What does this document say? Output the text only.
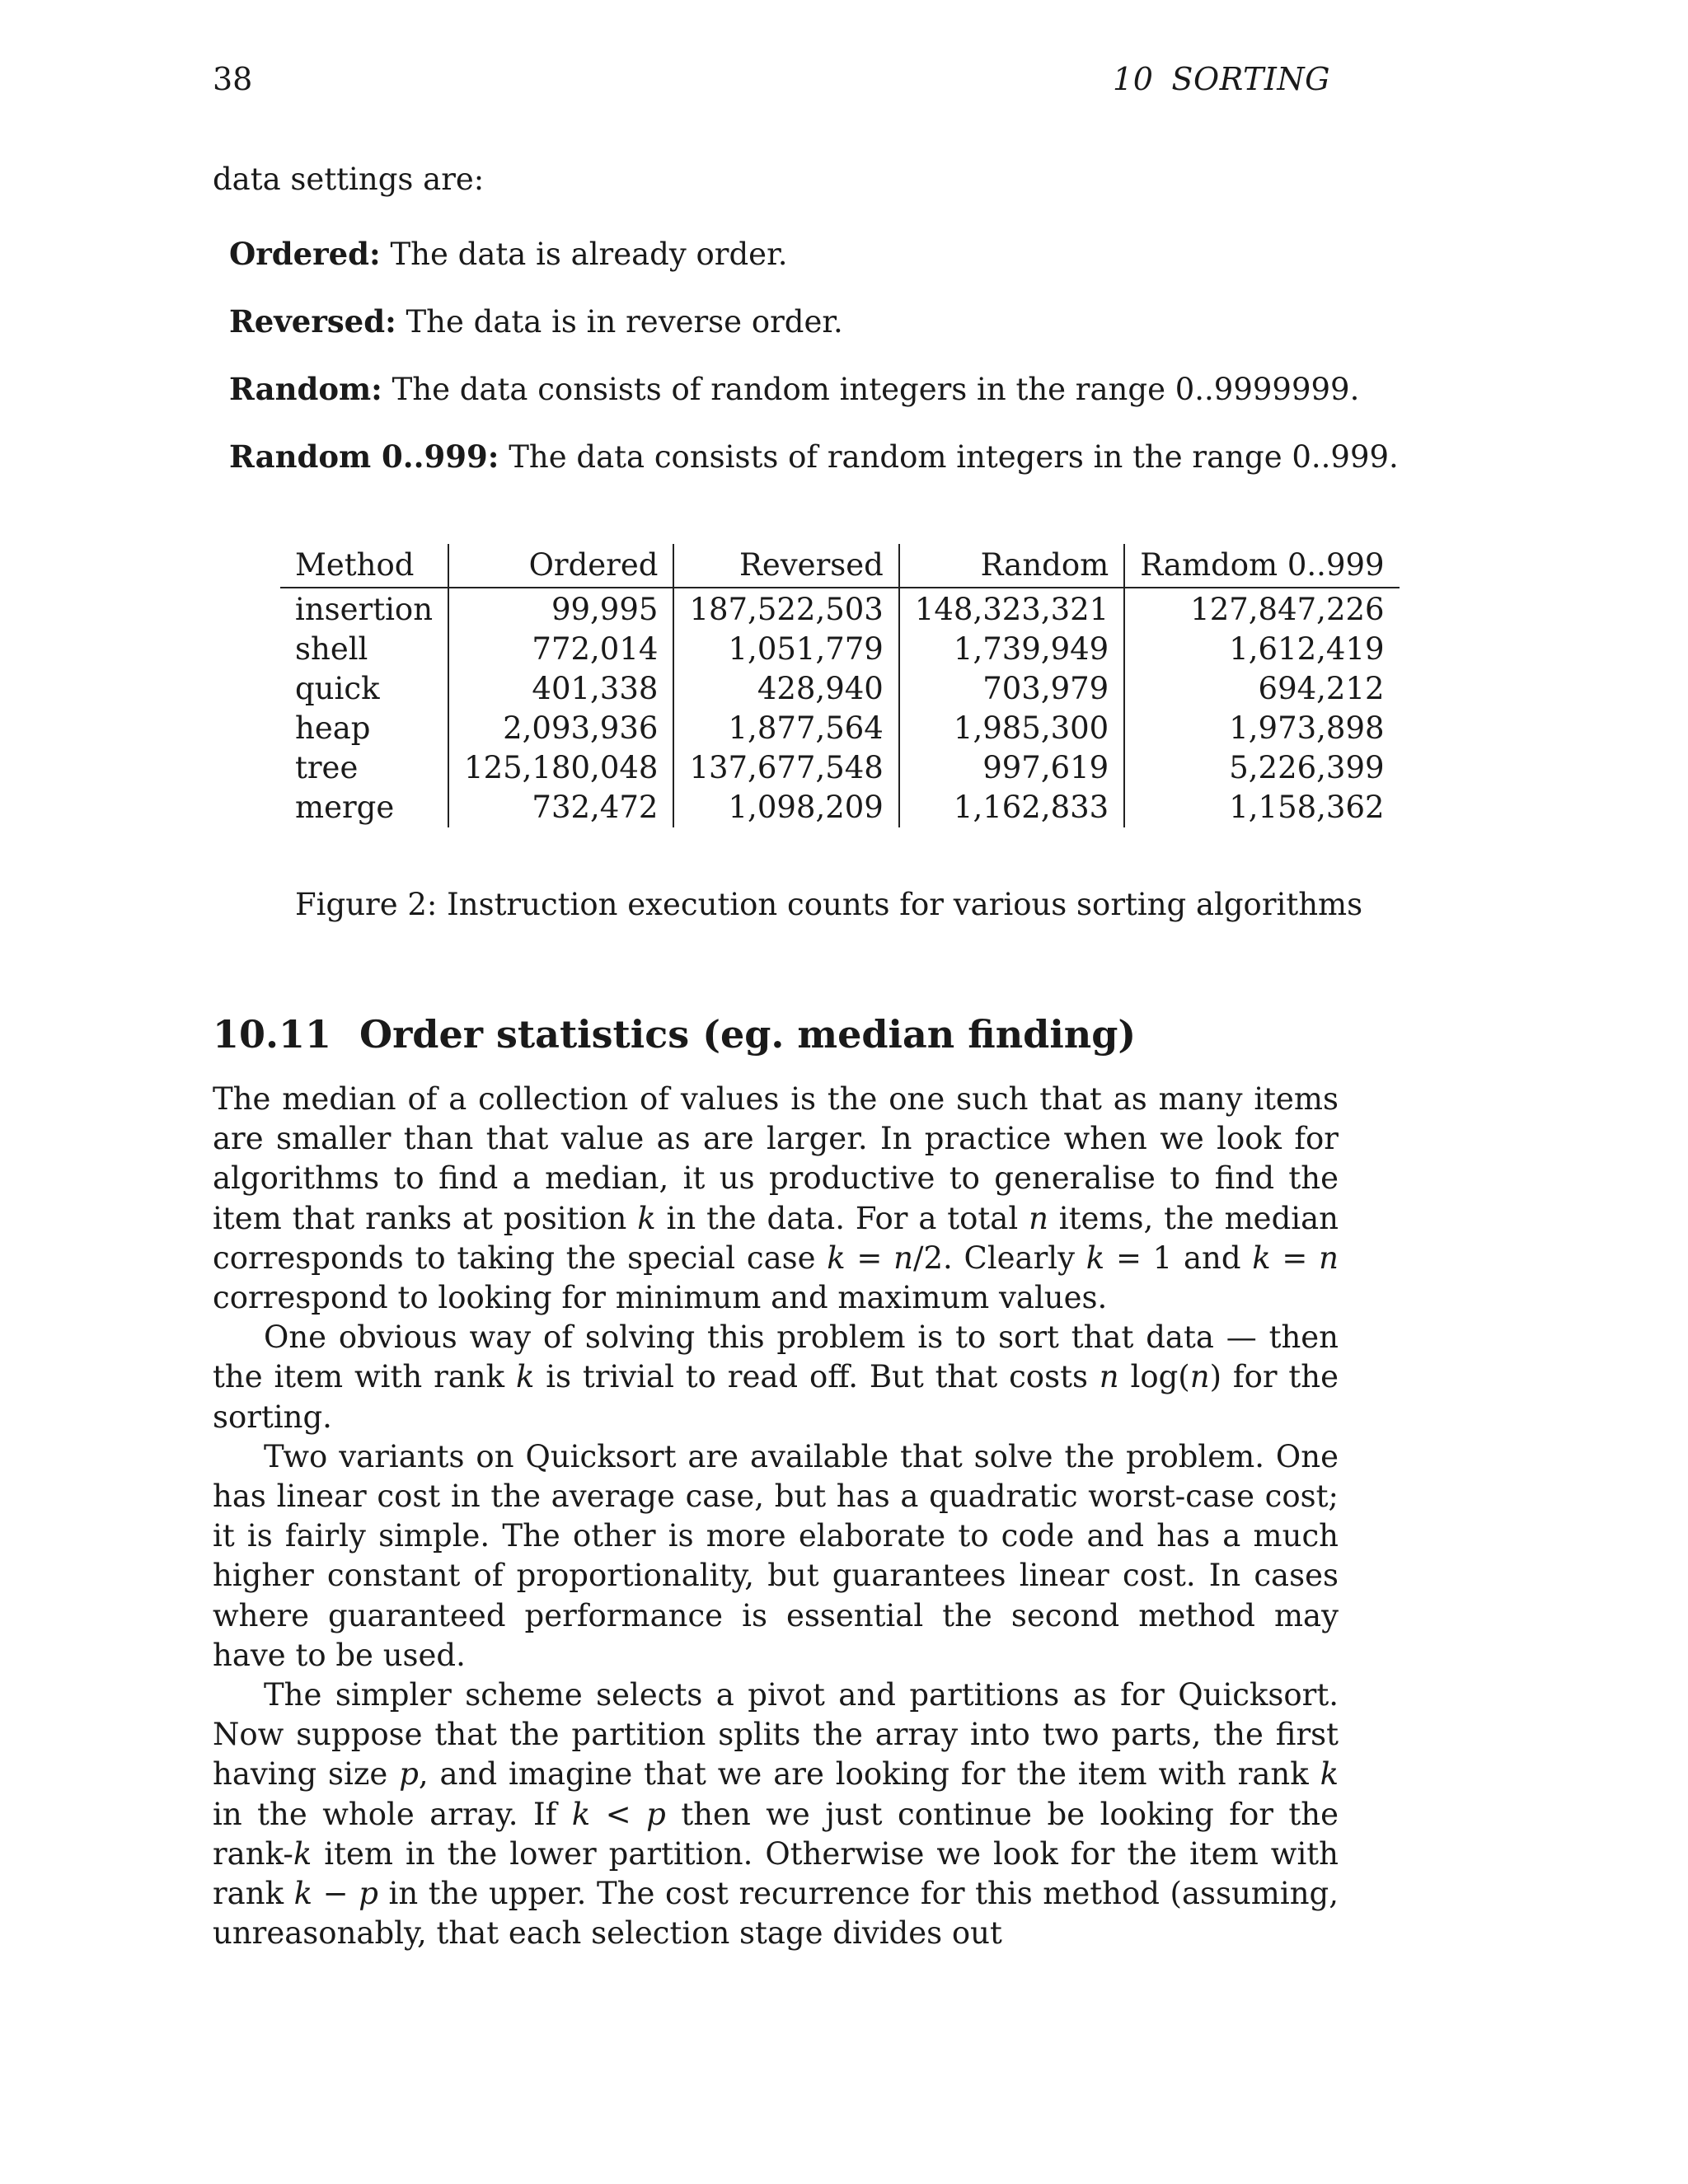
38	10 SORTING
data settings are:
Ordered: The data is already order.
Reversed: The data is in reverse order.
Random: The data consists of random integers in the range 0..9999999.
Random 0..999: The data consists of random integers in the range 0..999.
Method	Ordered	Reversed	Random	Ramdom 0..999
insertion	99,995	187,522,503	148,323,321	127,847,226
shell	772,014	1,051,779	1,739,949	1,612,419
quick	401,338	428,940	703,979	694,212
heap	2,093,936	1,877,564	1,985,300	1,973,898
tree	125,180,048	137,677,548	997,619	5,226,399
merge	732,472	1,098,209	1,162,833	1,158,362
Figure 2: Instruction execution counts for various sorting algorithms
10.11 Order statistics (eg. median finding)

The median of a collection of values is the one such that as many items are smaller than that value as are larger. In practice when we look for algorithms to find a median, it us productive to generalise to find the item that ranks at position k in the data. For a total n items, the median corresponds to taking the special case k = n/2. Clearly k = 1 and k = n correspond to looking for minimum and maximum values.

One obvious way of solving this problem is to sort that data — then the item with rank k is trivial to read off. But that costs n log(n) for the sorting.

Two variants on Quicksort are available that solve the problem. One has linear cost in the average case, but has a quadratic worst-case cost; it is fairly simple. The other is more elaborate to code and has a much higher constant of proportionality, but guarantees linear cost. In cases where guaranteed performance is essential the second method may have to be used.

The simpler scheme selects a pivot and partitions as for Quicksort. Now suppose that the partition splits the array into two parts, the first having size p, and imagine that we are looking for the item with rank k in the whole array. If k < p then we just continue be looking for the rank-k item in the lower partition. Otherwise we look for the item with rank k − p in the upper. The cost recurrence for this method (assuming, unreasonably, that each selection stage divides out
